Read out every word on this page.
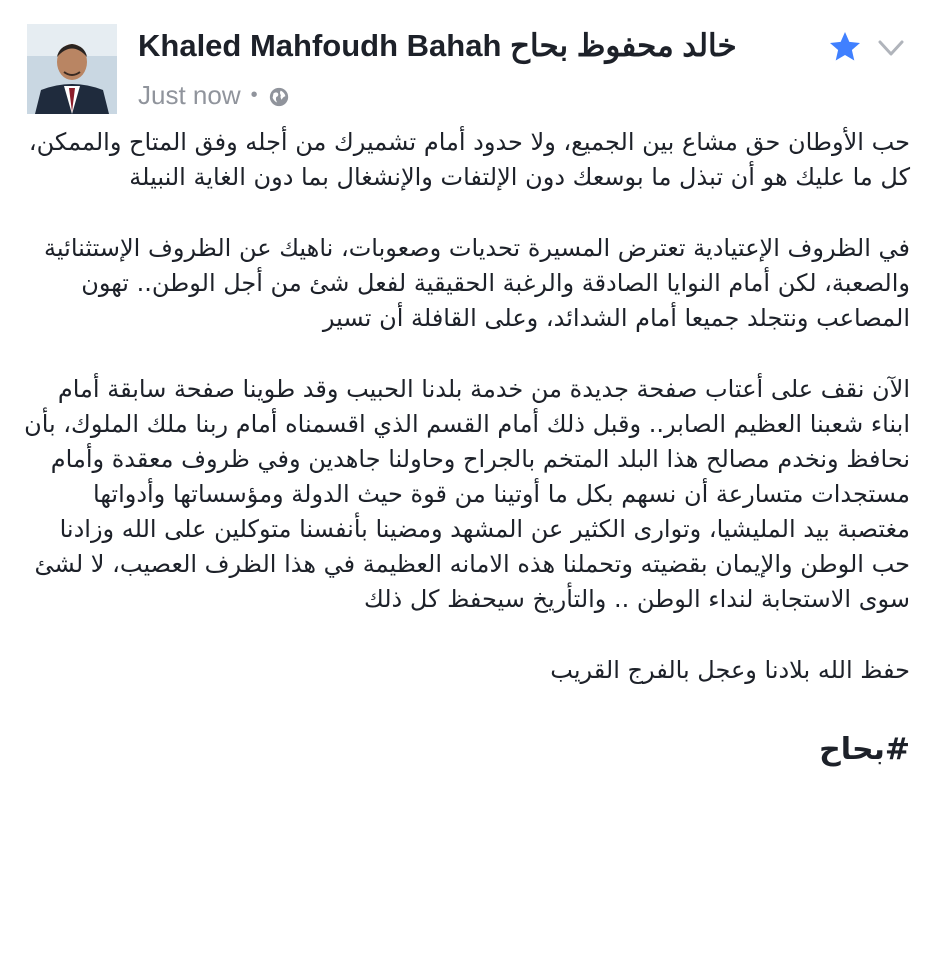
Khaled Mahfoudh Bahah خالد محفوظ بحاح
Just now •

حب الأوطان حق مشاع بين الجميع، ولا حدود أمام تشميرك من أجله وفق المتاح والممكن، كل ما عليك هو أن تبذل ما بوسعك دون الإلتفات والإنشغال بما دون الغاية النبيلة

في الظروف الإعتيادية تعترض المسيرة تحديات وصعوبات، ناهيك عن الظروف الإستثنائية والصعبة، لكن أمام النوايا الصادقة والرغبة الحقيقية لفعل شئ من أجل الوطن.. تهون المصاعب ونتجلد جميعا أمام الشدائد، وعلى القافلة أن تسير

الآن نقف على أعتاب صفحة جديدة من خدمة بلدنا الحبيب وقد طوينا صفحة سابقة أمام ابناء شعبنا العظيم الصابر.. وقبل ذلك أمام القسم الذي اقسمناه أمام ربنا ملك الملوك، بأن نحافظ ونخدم مصالح هذا البلد المتخم بالجراح وحاولنا جاهدين وفي ظروف معقدة وأمام مستجدات متسارعة أن نسهم بكل ما أوتينا من قوة حيث الدولة ومؤسساتها وأدواتها مغتصبة بيد المليشيا، وتوارى الكثير عن المشهد ومضينا بأنفسنا متوكلين على الله وزادنا حب الوطن والإيمان بقضيته وتحملنا هذه الامانه العظيمة في هذا الظرف العصيب، لا لشئ سوى الاستجابة لنداء الوطن .. والتأريخ سيحفظ كل ذلك

حفظ الله بلادنا وعجل بالفرج القريب

#بحاح
